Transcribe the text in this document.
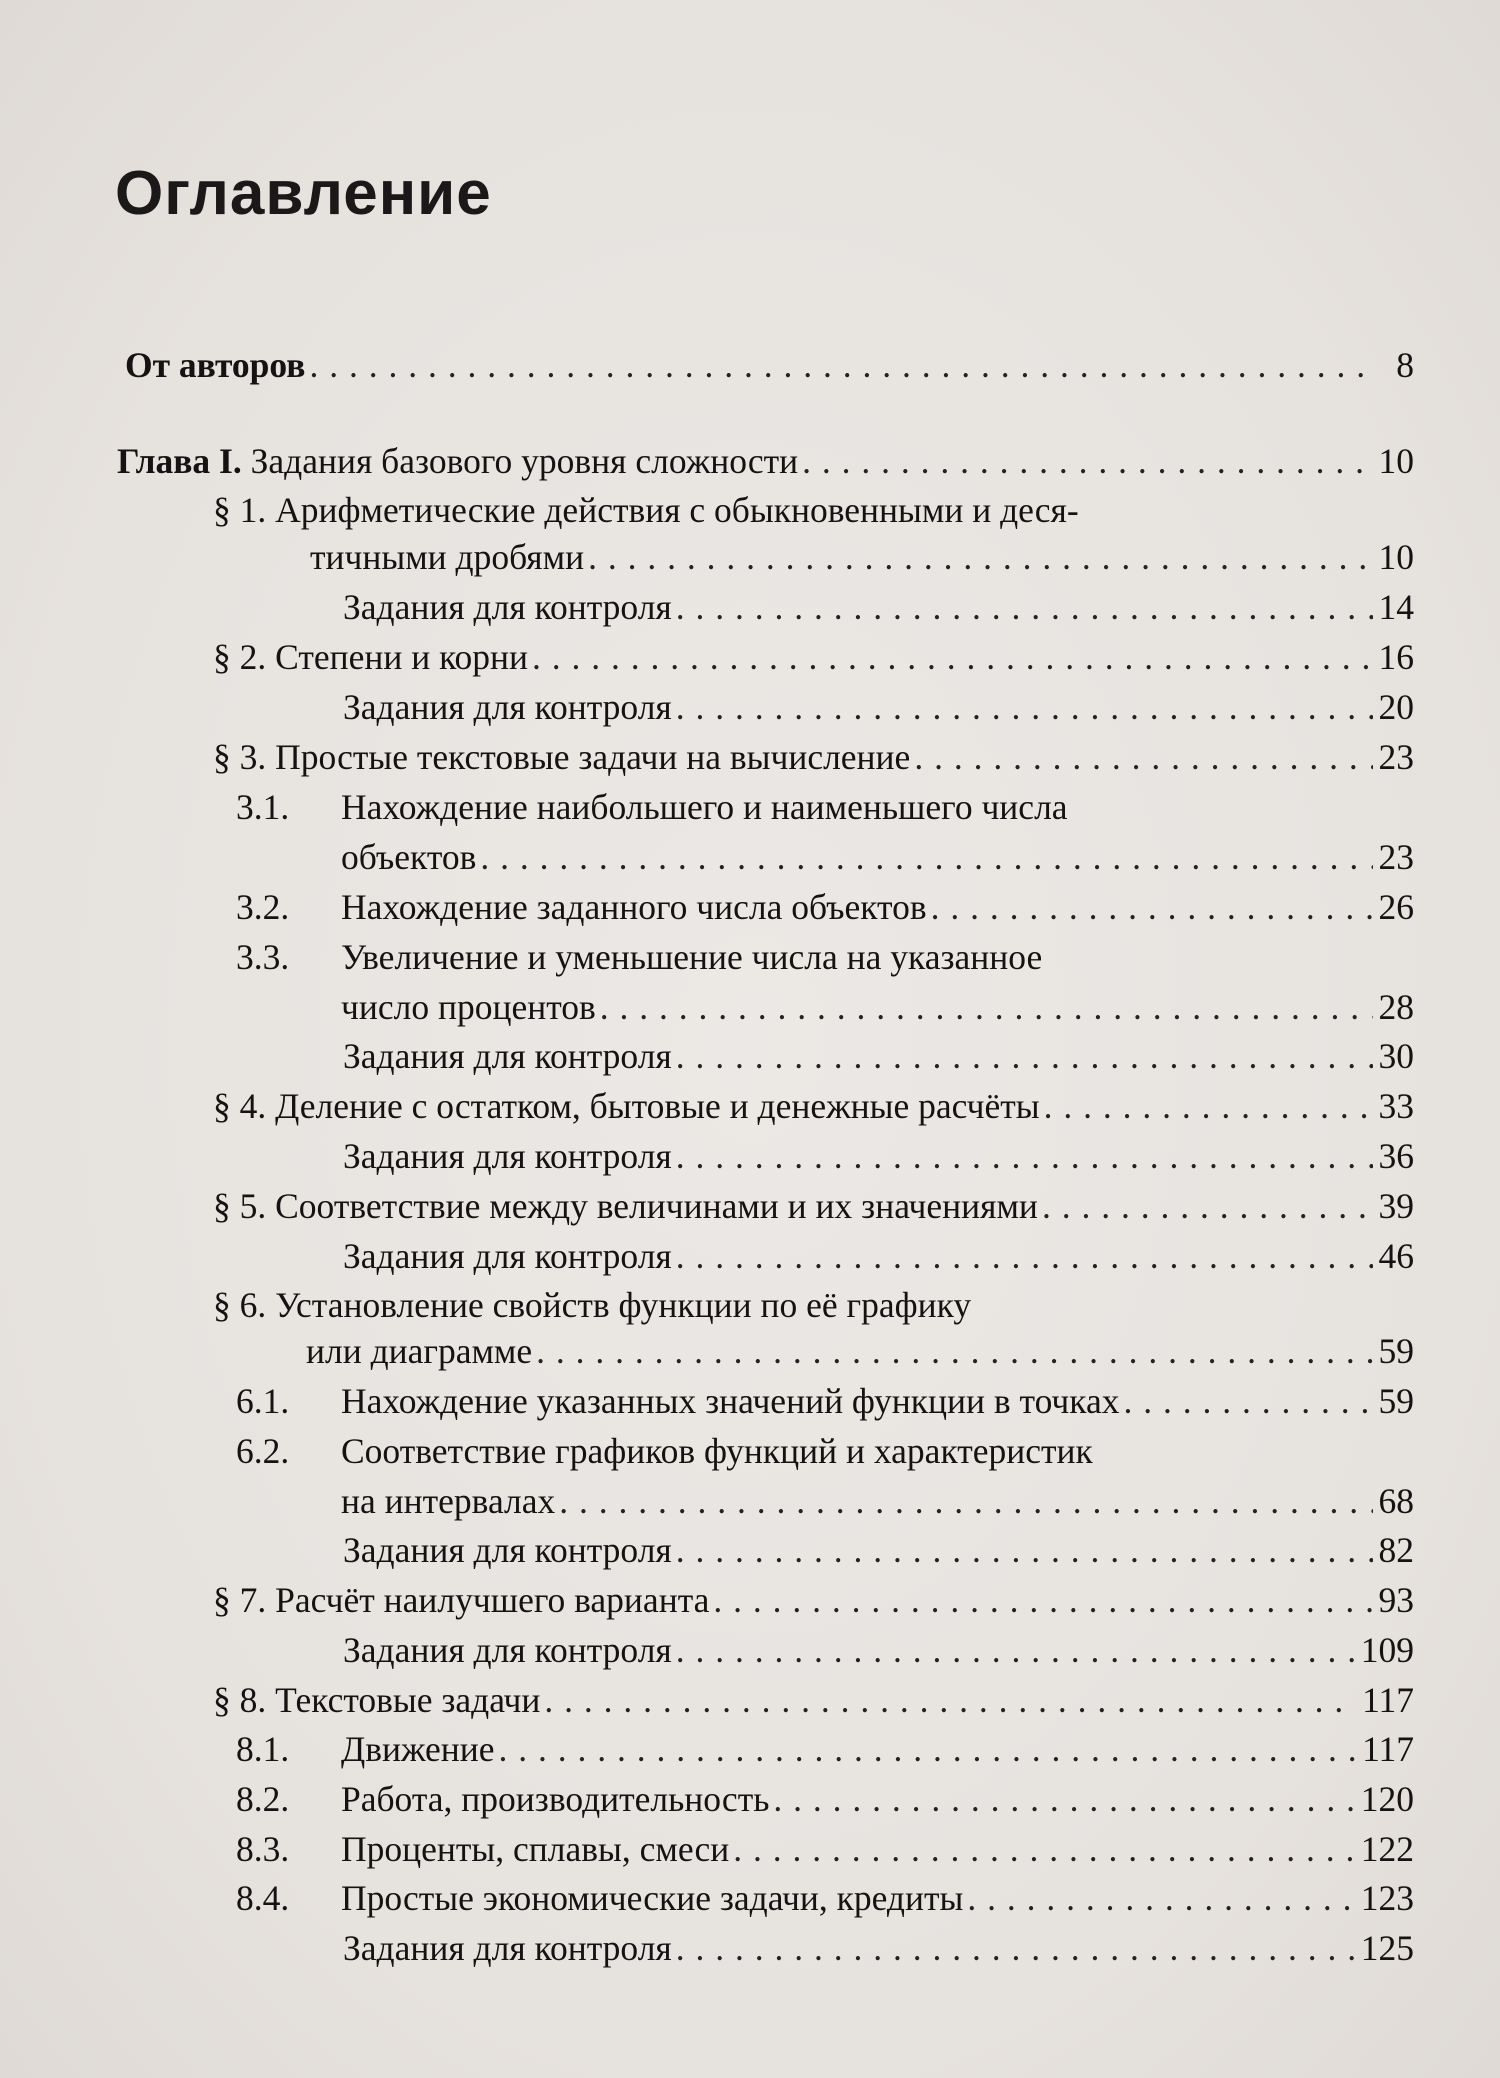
Оглавление
От авторов . . .	8
Глава I. Задания базового уровня сложности . . .	10
§ 1. Арифметические действия с обыкновенными и деся-
тичными дробями . . .	10
Задания для контроля . . .	14
§ 2. Степени и корни . . .	16
Задания для контроля . . .	20
§ 3. Простые текстовые задачи на вычисление . . .	23
3.1. Нахождение наибольшего и наименьшего числа
объектов . . .	23
3.2. Нахождение заданного числа объектов . . .	26
3.3. Увеличение и уменьшение числа на указанное
число процентов . . .	28
Задания для контроля . . .	30
§ 4. Деление с остатком, бытовые и денежные расчёты . . .	33
Задания для контроля . . .	36
§ 5. Соответствие между величинами и их значениями . . .	39
Задания для контроля . . .	46
§ 6. Установление свойств функции по её графику
или диаграмме . . .	59
6.1. Нахождение указанных значений функции в точках . . .	59
6.2. Соответствие графиков функций и характеристик
на интервалах . . .	68
Задания для контроля . . .	82
§ 7. Расчёт наилучшего варианта . . .	93
Задания для контроля . . .	109
§ 8. Текстовые задачи . . .	117
8.1. Движение . . .	117
8.2. Работа, производительность . . .	120
8.3. Проценты, сплавы, смеси . . .	122
8.4. Простые экономические задачи, кредиты . . .	123
Задания для контроля . . .	125
